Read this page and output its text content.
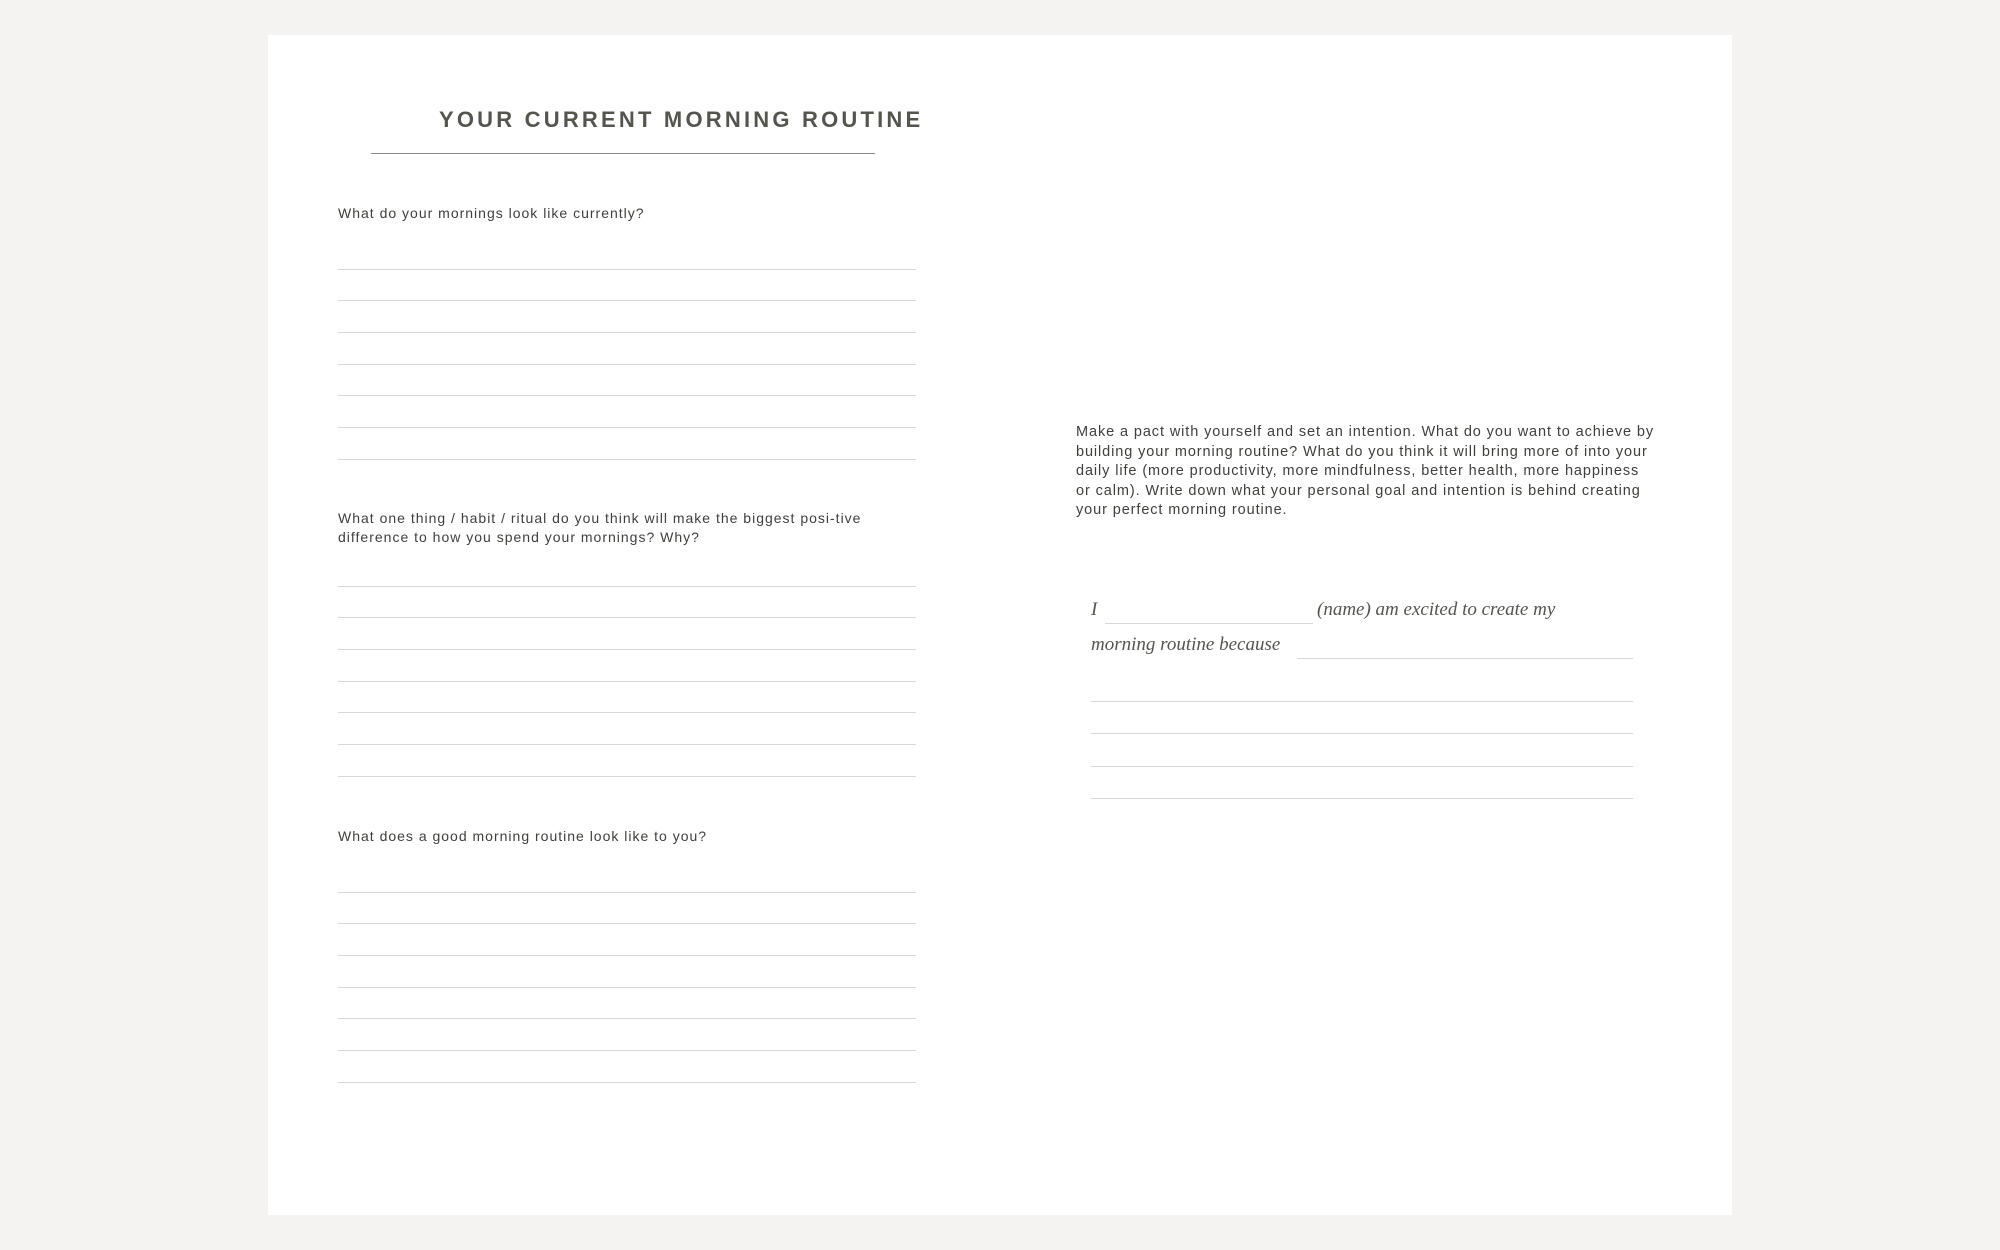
YOUR CURRENT MORNING ROUTINE

What do your mornings look like currently?

What one thing / habit / ritual do you think will make the biggest posi-tive difference to how you spend your mornings? Why?

What does a good morning routine look like to you?

Make a pact with yourself and set an intention. What do you want to achieve by building your morning routine? What do you think it will bring more of into your daily life (more productivity, more mindfulness, better health, more happiness or calm). Write down what your personal goal and intention is behind creating your perfect morning routine.

I	(name) am excited to create my
morning routine because
